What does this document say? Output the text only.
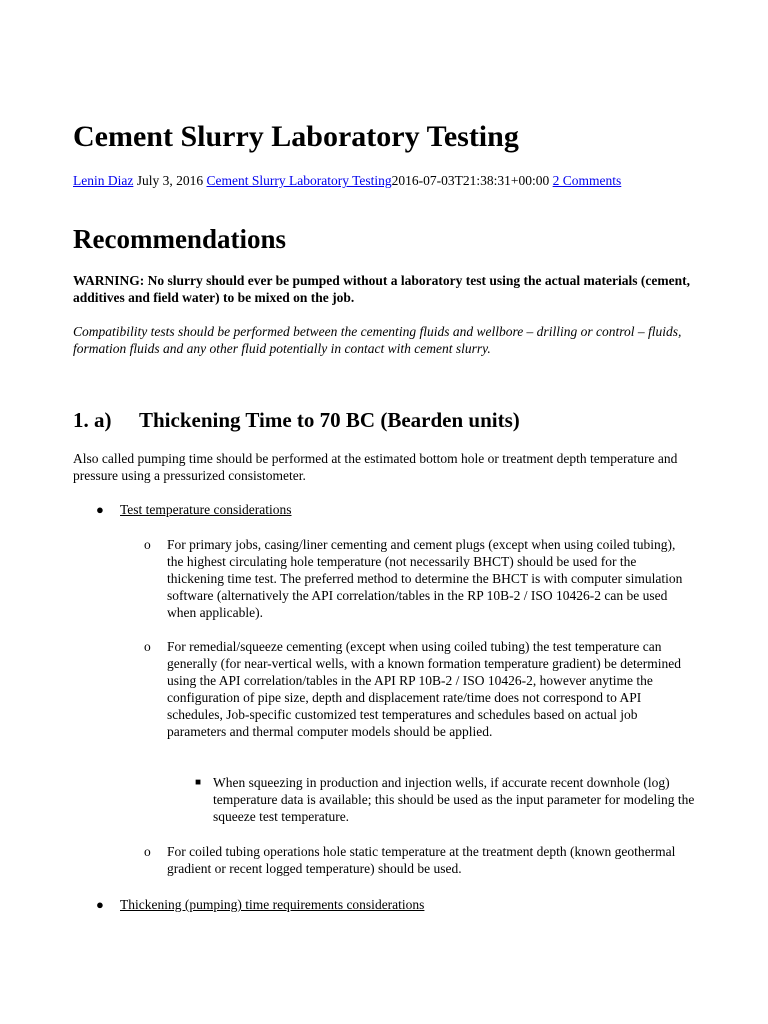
Cement Slurry Laboratory Testing
Lenin Diaz July 3, 2016 Cement Slurry Laboratory Testing2016-07-03T21:38:31+00:00 2 Comments
Recommendations
WARNING: No slurry should ever be pumped without a laboratory test using the actual materials (cement, additives and field water) to be mixed on the job.
Compatibility tests should be performed between the cementing fluids and wellbore – drilling or control – fluids, formation fluids and any other fluid potentially in contact with cement slurry.
1. a) Thickening Time to 70 BC (Bearden units)
Also called pumping time should be performed at the estimated bottom hole or treatment depth temperature and pressure using a pressurized consistometer.
● Test temperature considerations
o For primary jobs, casing/liner cementing and cement plugs (except when using coiled tubing), the highest circulating hole temperature (not necessarily BHCT) should be used for the thickening time test. The preferred method to determine the BHCT is with computer simulation software (alternatively the API correlation/tables in the RP 10B-2 / ISO 10426-2 can be used when applicable).
o For remedial/squeeze cementing (except when using coiled tubing) the test temperature can generally (for near-vertical wells, with a known formation temperature gradient) be determined using the API correlation/tables in the API RP 10B-2 / ISO 10426-2, however anytime the configuration of pipe size, depth and displacement rate/time does not correspond to API schedules, Job-specific customized test temperatures and schedules based on actual job parameters and thermal computer models should be applied.
■ When squeezing in production and injection wells, if accurate recent downhole (log) temperature data is available; this should be used as the input parameter for modeling the squeeze test temperature.
o For coiled tubing operations hole static temperature at the treatment depth (known geothermal gradient or recent logged temperature) should be used.
● Thickening (pumping) time requirements considerations
